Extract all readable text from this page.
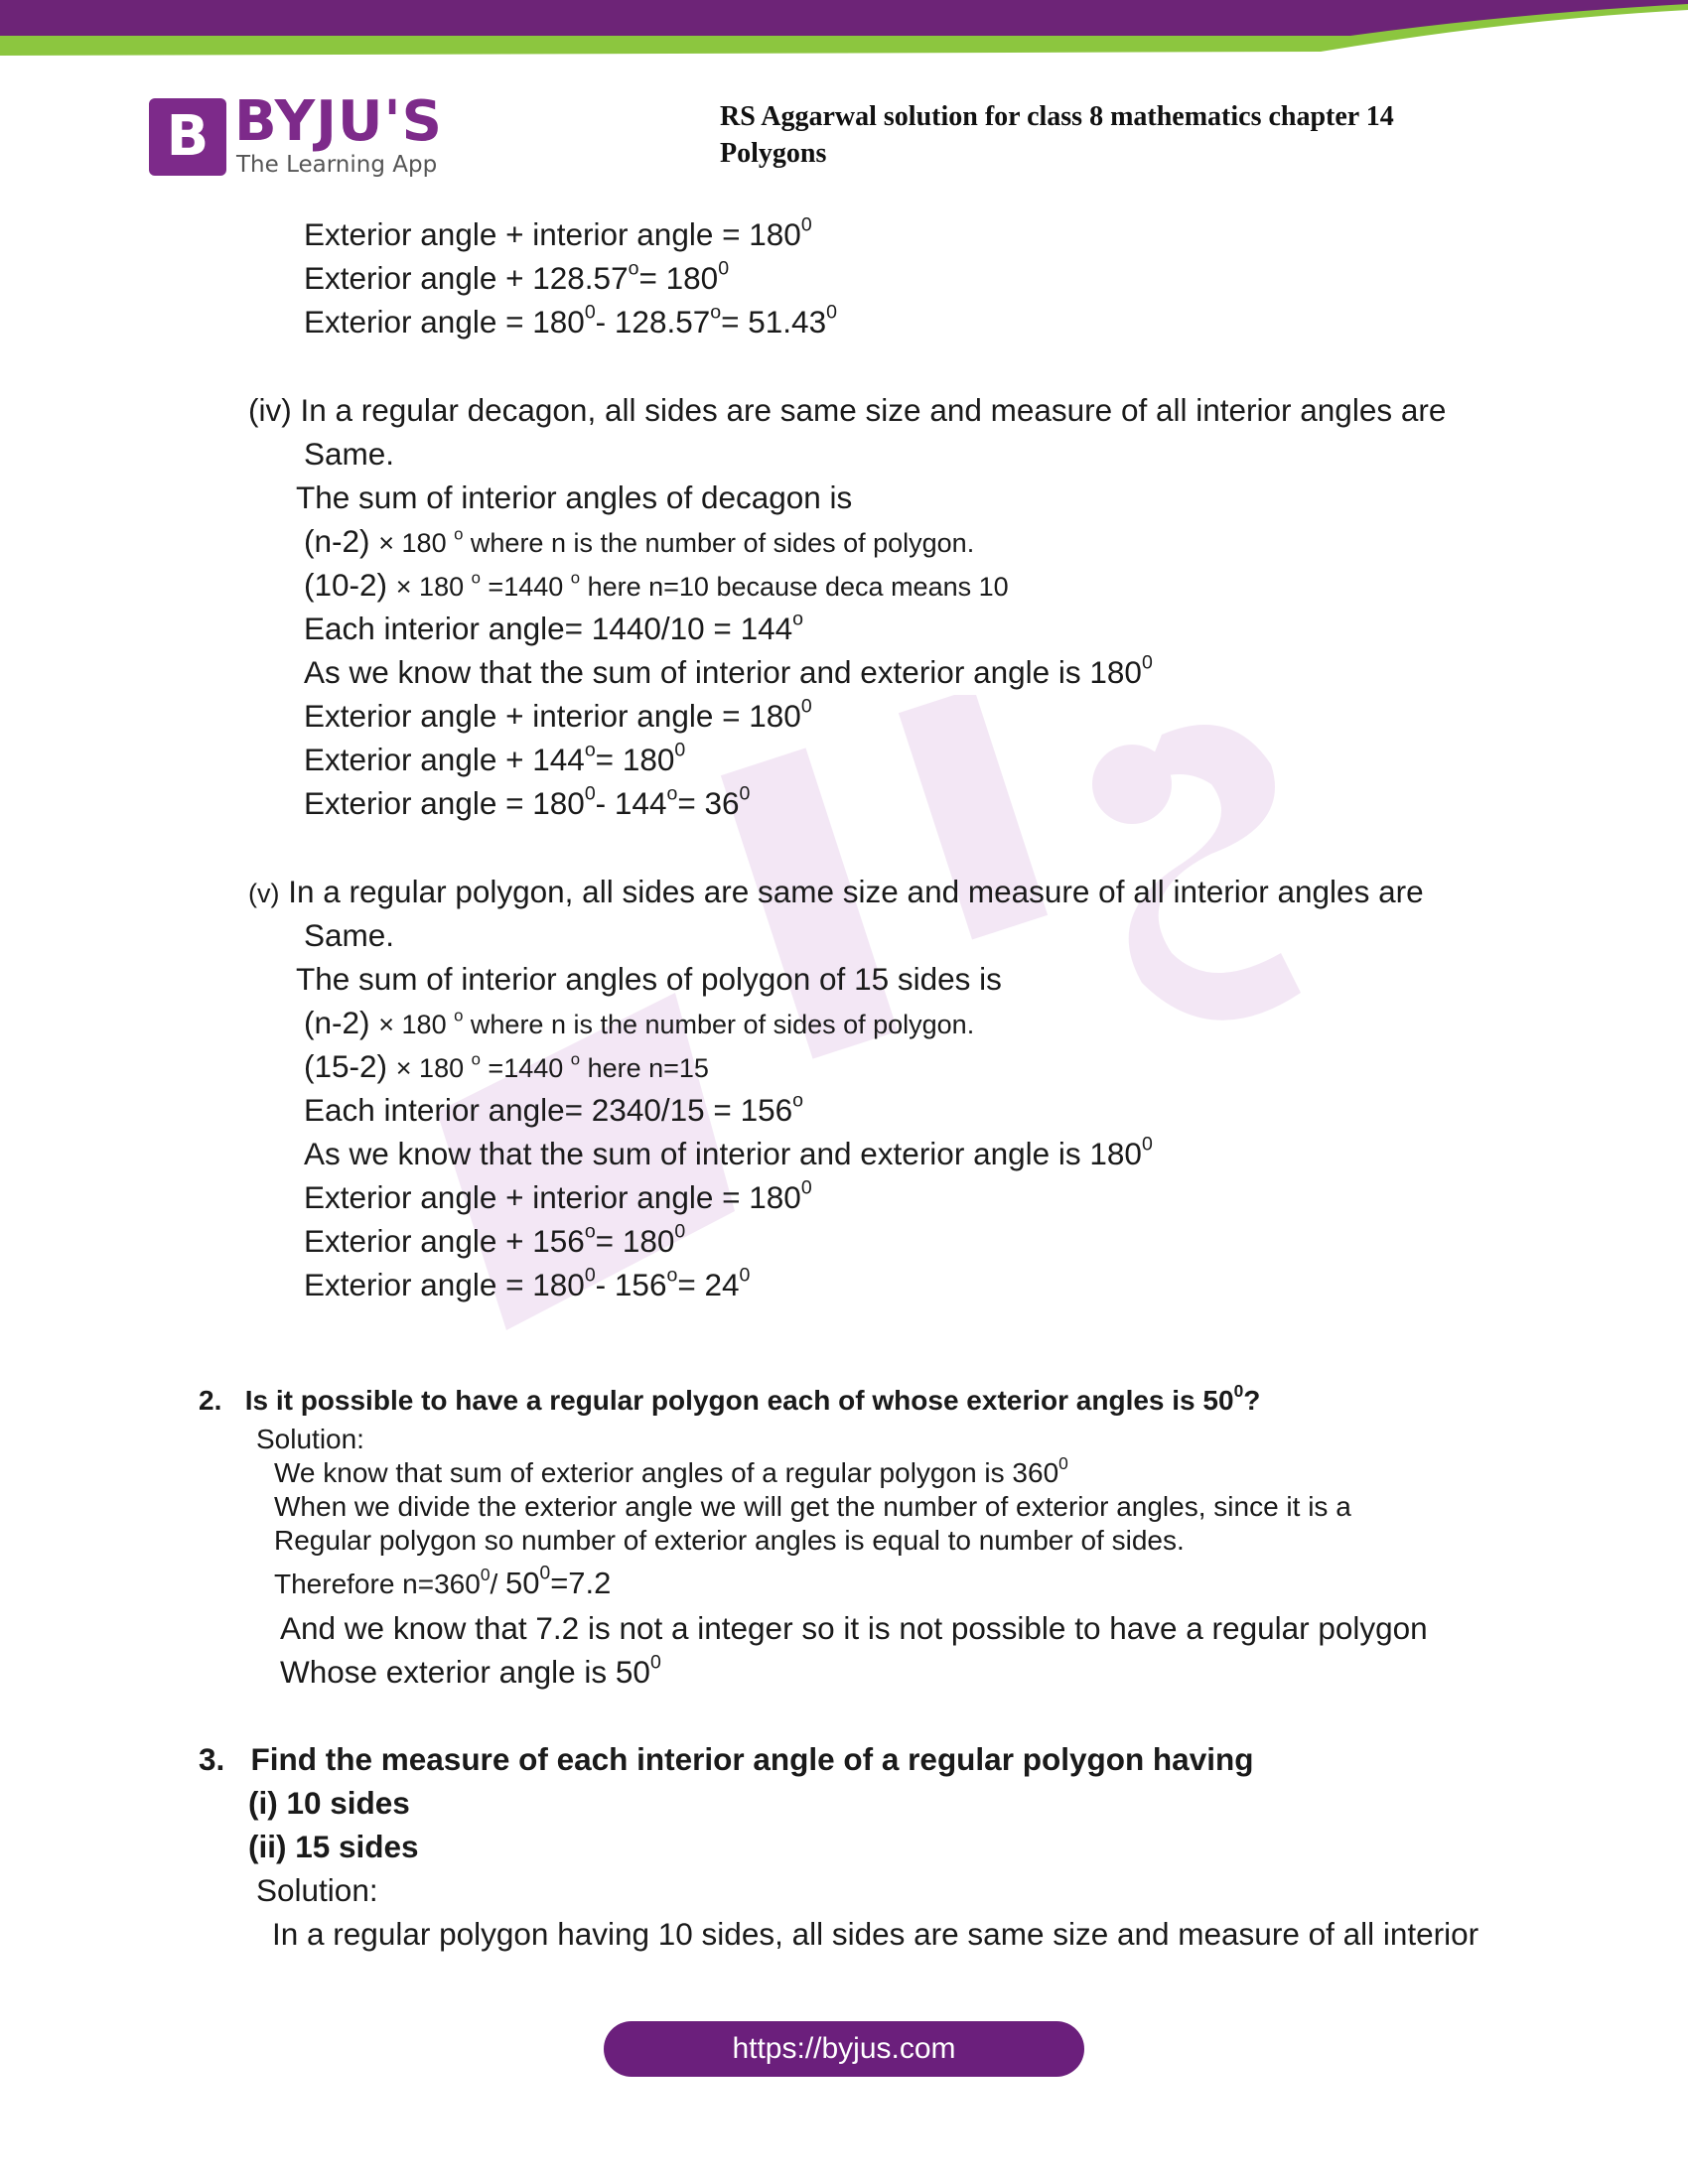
B BYJU'S
The Learning App
RS Aggarwal solution for class 8 mathematics chapter 14
Polygons
Exterior angle + interior angle = $180^0$
Exterior angle + $128.57^o= 180^0$
Exterior angle = $180^0-$ $128.57^o= 51.43^0$
(iv) In a regular decagon, all sides are same size and measure of all interior angles are
Same.
The sum of interior angles of decagon is
(n-2) × 180 $^o$ where n is the number of sides of polygon.
(10-2) × 180 $^o$ =1440 $^o$ here n=10 because deca means 10
Each interior angle= $1440/10 = 144^o$
As we know that the sum of interior and exterior angle is $180^0$
Exterior angle + interior angle = $180^0$
Exterior angle + $144^o= 180^0$
Exterior angle = $180^0-$ $144^o= 36^0$
(v) In a regular polygon, all sides are same size and measure of all interior angles are
Same.
The sum of interior angles of polygon of 15 sides is
(n-2) × 180 $^o$ where n is the number of sides of polygon.
(15-2) × 180 $^o$ =1440 $^o$ here n=15
Each interior angle= $2340/15 = 156^o$
As we know that the sum of interior and exterior angle is $180^0$
Exterior angle + interior angle = $180^0$
Exterior angle + $156^o= 180^0$
Exterior angle = $180^0-$ $156^o= 24^0$
2.   Is it possible to have a regular polygon each of whose exterior angles is $50^0$?
Solution:
We know that sum of exterior angles of a regular polygon is $360^0$
When we divide the exterior angle we will get the number of exterior angles, since it is a
Regular polygon so number of exterior angles is equal to number of sides.
Therefore $n=360^0/$ $50^0=7.2$
And we know that 7.2 is not a integer so it is not possible to have a regular polygon
Whose exterior angle is $50^0$
3.   Find the measure of each interior angle of a regular polygon having
(i) 10 sides
(ii) 15 sides
Solution:
In a regular polygon having 10 sides, all sides are same size and measure of all interior
https://byjus.com
